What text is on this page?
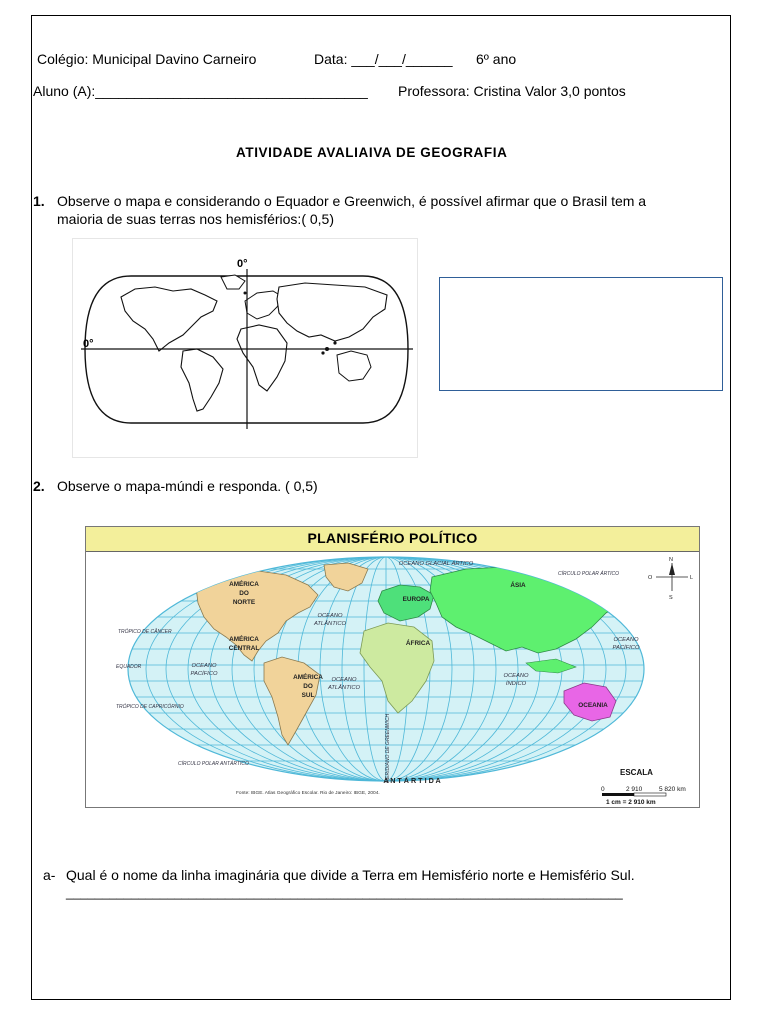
Colégio: Municipal Davino Carneiro	Data: ___/___/______ 6º ano
Aluno (A):___________________________________ Professora: Cristina Valor 3,0 pontos
ATIVIDADE AVALIAIVA DE GEOGRAFIA
1. Observe o mapa e considerando o Equador e Greenwich, é possível afirmar que o Brasil tem a
maioria de suas terras nos hemisférios:( 0,5)
0°
0°
2. Observe o mapa-múndi e responda. ( 0,5)
PLANISFÉRIO POLÍTICO
AMÉRICA
DO
NORTE
AMÉRICA
CENTRAL
AMÉRICA
DO
SUL
EUROPA
ÁSIA
ÁFRICA
OCEANIA
OCEANO GLACIAL ÁRTICO
OCEANO
ATLÂNTICO
OCEANO
ATLÂNTICO
OCEANO
PACÍFICO
OCEANO
PACÍFICO
OCEANO
ÍNDICO
CÍRCULO POLAR ÁRTICO
TRÓPICO DE CÂNCER
EQUADOR
TRÓPICO DE CAPRICÓRNIO
CÍRCULO POLAR ANTÁRTICO	MERIDIANO DE GREENWICH
A N T Á R T I D A
Fonte: IBGE. Atlas Geográfico Escolar. Rio de Janeiro: IBGE, 2004.
N
S
L
O
ESCALA
0	2 910	5 820 km
1 cm = 2 910 km
a- Qual é o nome da linha imaginária que divide a Terra em Hemisfério norte e Hemisfério Sul.
_____________________________________________________________________________
